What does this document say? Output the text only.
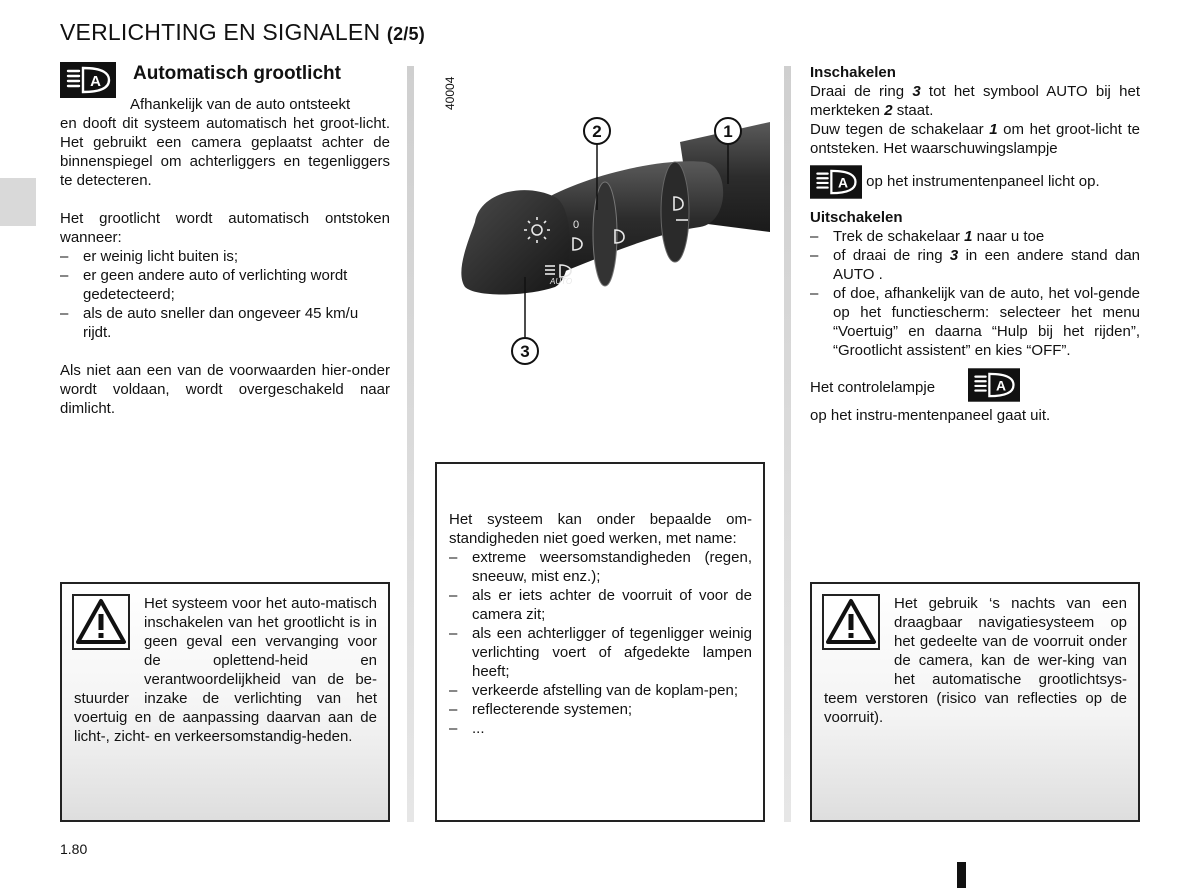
VERLICHTING EN SIGNALEN (2/5)
A Automatisch grootlicht

Afhankelijk van de auto ontsteekt

en dooft dit systeem automatisch het groot-licht. Het gebruikt een camera geplaatst achter de binnenspiegel om achterliggers en tegenliggers te detecteren.

Het grootlicht wordt automatisch ontstoken wanneer:

– er weinig licht buiten is;
– er geen andere auto of verlichting wordt gedetecteerd;
– als de auto sneller dan ongeveer 45 km/u rijdt.

Als niet aan een van de voorwaarden hier-onder wordt voldaan, wordt overgeschakeld naar dimlicht.

Het systeem voor het auto-matisch inschakelen van het grootlicht is in geen geval een vervanging voor de oplettend-heid en verantwoordelijkheid van de be-stuurder inzake de verlichting van het voertuig en de aanpassing daarvan aan de licht-, zicht- en verkeersomstandig-heden.

0
AUTO
40004
1
2
3

Het systeem kan onder bepaalde om-standigheden niet goed werken, met name:

– extreme weersomstandigheden (regen, sneeuw, mist enz.);
– als er iets achter de voorruit of voor de camera zit;
– als een achterligger of tegenligger weinig verlichting voert of afgedekte lampen heeft;
– verkeerde afstelling van de koplam-pen;
– reflecterende systemen;
– ...

Inschakelen

Draai de ring 3 tot het symbool AUTO bij het merkteken 2 staat.

Duw tegen de schakelaar 1 om het groot-licht te ontsteken. Het waarschuwingslampje

A op het instrumentenpaneel licht op.

Uitschakelen

– Trek de schakelaar 1 naar u toe
– of draai de ring 3 in een andere stand dan AUTO .
– of doe, afhankelijk van de auto, het vol-gende op het functiescherm: selecteer het menu “Voertuig” en daarna “Hulp bij het rijden”, “Grootlicht assistent” en kies “OFF”.
Het controlelampje	A

op het instru-mentenpaneel gaat uit.

Het gebruik ‘s nachts van een draagbaar navigatiesysteem op het gedeelte van de voorruit onder de camera, kan de wer-king van het automatische grootlichtsys-teem verstoren (risico van reflecties op de voorruit).

1.80
